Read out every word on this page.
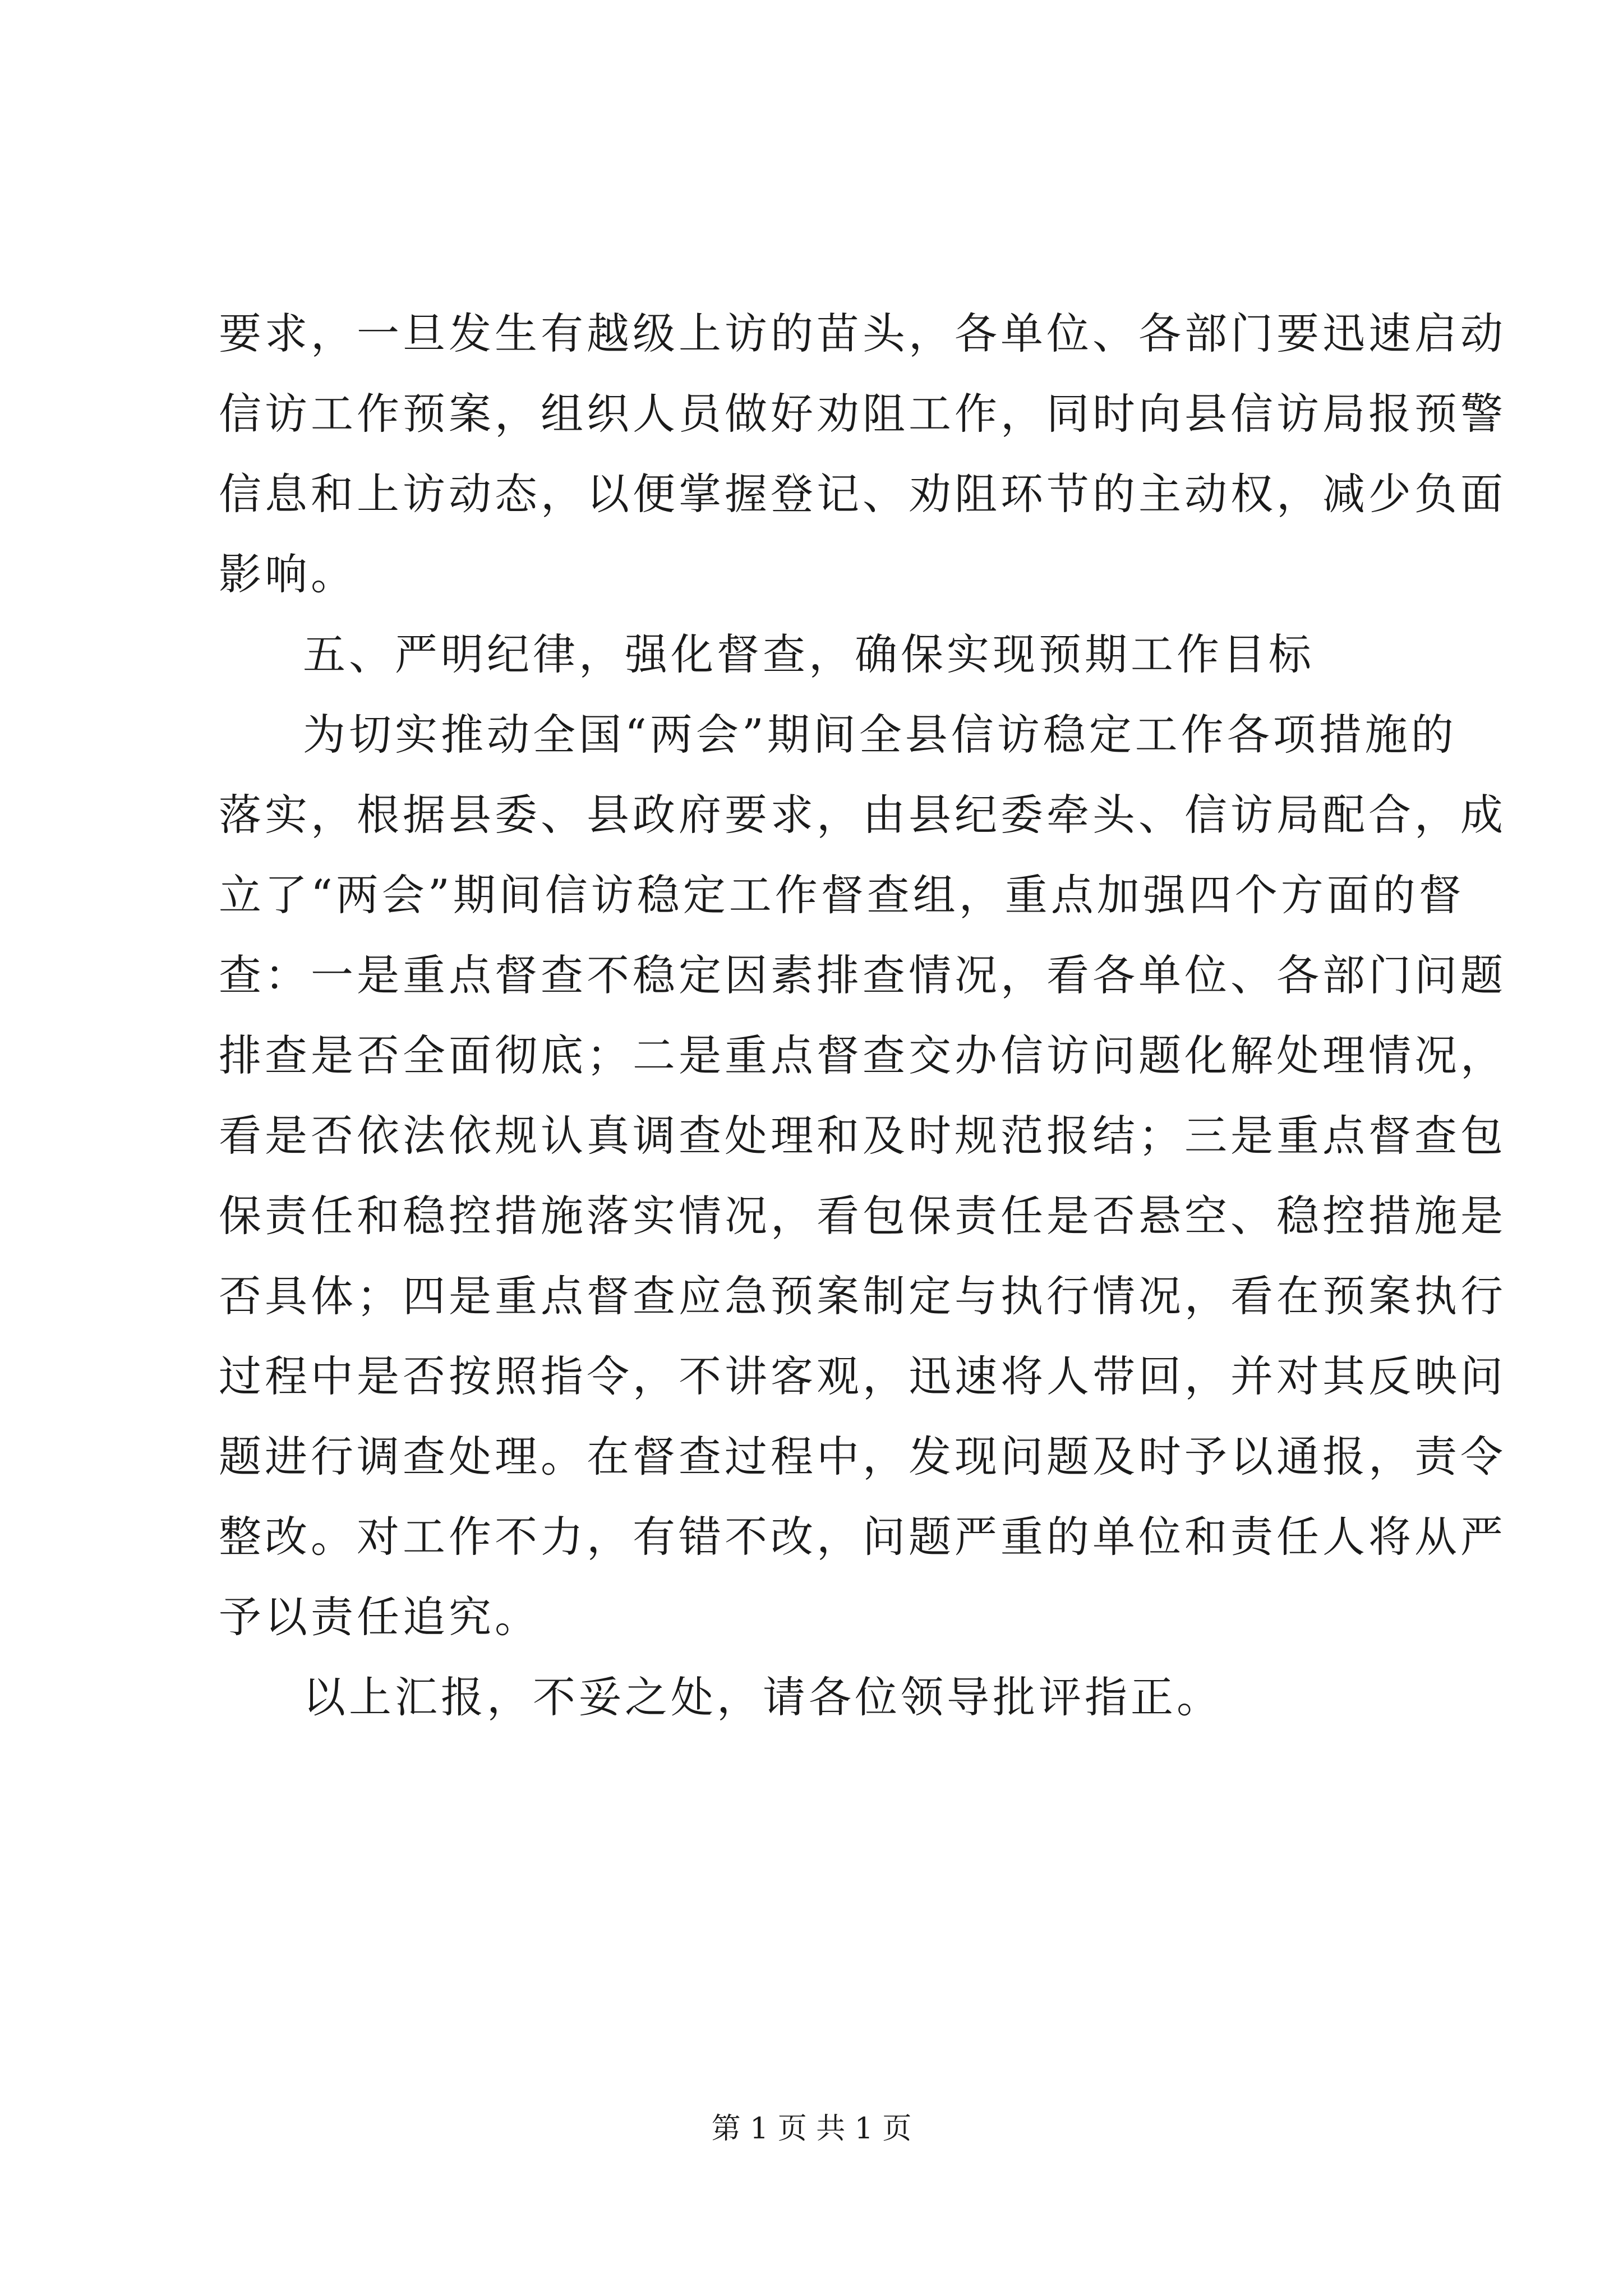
要求，一旦发生有越级上访的苗头，各单位、各部门要迅速启动
信访工作预案，组织人员做好劝阻工作，同时向县信访局报预警
信息和上访动态，以便掌握登记、劝阻环节的主动权，减少负面
影响。
五、严明纪律，强化督查，确保实现预期工作目标
为切实推动全国“两会”期间全县信访稳定工作各项措施的
落实，根据县委、县政府要求，由县纪委牵头、信访局配合，成
立了“两会”期间信访稳定工作督查组，重点加强四个方面的督
查：一是重点督查不稳定因素排查情况，看各单位、各部门问题
排查是否全面彻底；二是重点督查交办信访问题化解处理情况，
看是否依法依规认真调查处理和及时规范报结；三是重点督查包
保责任和稳控措施落实情况，看包保责任是否悬空、稳控措施是
否具体；四是重点督查应急预案制定与执行情况，看在预案执行
过程中是否按照指令，不讲客观，迅速将人带回，并对其反映问
题进行调查处理。在督查过程中，发现问题及时予以通报，责令
整改。对工作不力，有错不改，问题严重的单位和责任人将从严
予以责任追究。
以上汇报，不妥之处，请各位领导批评指正。
第 1 页 共 1 页
